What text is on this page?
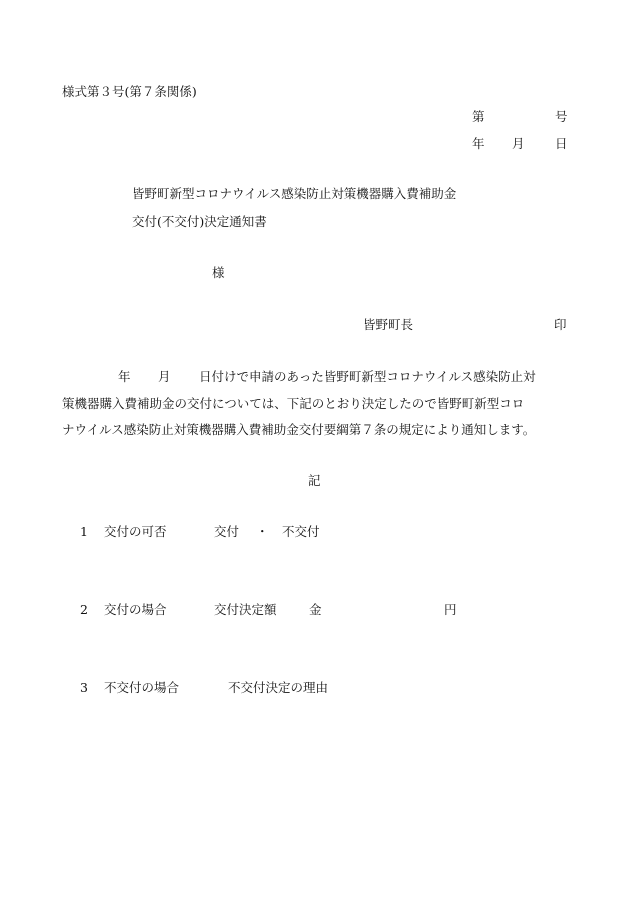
様式第３号(第７条関係)
第	号
年 月 日
皆野町新型コロナウイルス感染防止対策機器購入費補助金
交付(不交付)決定通知書
様
皆野町長	印
年 月 日付けで申請のあった皆野町新型コロナウイルス感染防止対
策機器購入費補助金の交付については、下記のとおり決定したので皆野町新型コロ
ナウイルス感染防止対策機器購入費補助金交付要綱第７条の規定により通知します。
記
1 交付の可否	交付 ・ 不交付
2 交付の場合	交付決定額	金	円
3 不交付の場合	不交付決定の理由
